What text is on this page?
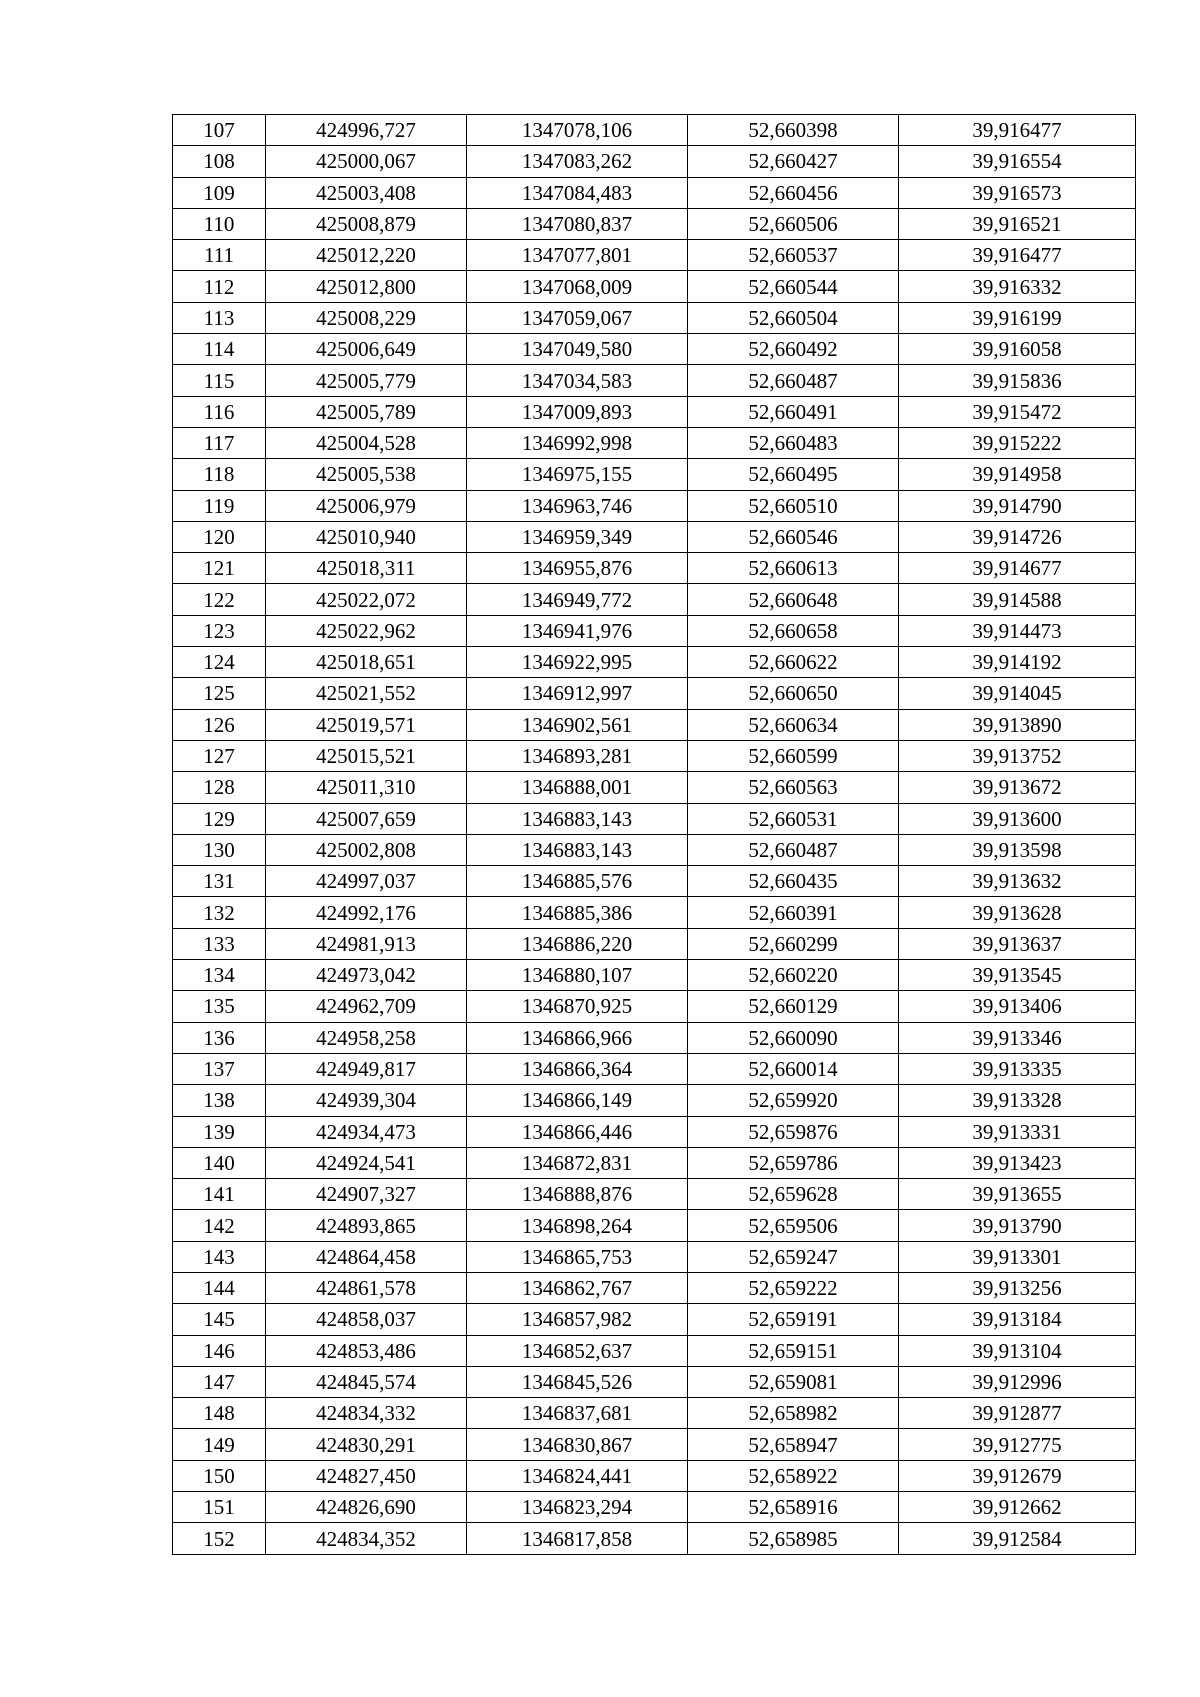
107	424996,727	1347078,106	52,660398	39,916477
108	425000,067	1347083,262	52,660427	39,916554
109	425003,408	1347084,483	52,660456	39,916573
110	425008,879	1347080,837	52,660506	39,916521
111	425012,220	1347077,801	52,660537	39,916477
112	425012,800	1347068,009	52,660544	39,916332
113	425008,229	1347059,067	52,660504	39,916199
114	425006,649	1347049,580	52,660492	39,916058
115	425005,779	1347034,583	52,660487	39,915836
116	425005,789	1347009,893	52,660491	39,915472
117	425004,528	1346992,998	52,660483	39,915222
118	425005,538	1346975,155	52,660495	39,914958
119	425006,979	1346963,746	52,660510	39,914790
120	425010,940	1346959,349	52,660546	39,914726
121	425018,311	1346955,876	52,660613	39,914677
122	425022,072	1346949,772	52,660648	39,914588
123	425022,962	1346941,976	52,660658	39,914473
124	425018,651	1346922,995	52,660622	39,914192
125	425021,552	1346912,997	52,660650	39,914045
126	425019,571	1346902,561	52,660634	39,913890
127	425015,521	1346893,281	52,660599	39,913752
128	425011,310	1346888,001	52,660563	39,913672
129	425007,659	1346883,143	52,660531	39,913600
130	425002,808	1346883,143	52,660487	39,913598
131	424997,037	1346885,576	52,660435	39,913632
132	424992,176	1346885,386	52,660391	39,913628
133	424981,913	1346886,220	52,660299	39,913637
134	424973,042	1346880,107	52,660220	39,913545
135	424962,709	1346870,925	52,660129	39,913406
136	424958,258	1346866,966	52,660090	39,913346
137	424949,817	1346866,364	52,660014	39,913335
138	424939,304	1346866,149	52,659920	39,913328
139	424934,473	1346866,446	52,659876	39,913331
140	424924,541	1346872,831	52,659786	39,913423
141	424907,327	1346888,876	52,659628	39,913655
142	424893,865	1346898,264	52,659506	39,913790
143	424864,458	1346865,753	52,659247	39,913301
144	424861,578	1346862,767	52,659222	39,913256
145	424858,037	1346857,982	52,659191	39,913184
146	424853,486	1346852,637	52,659151	39,913104
147	424845,574	1346845,526	52,659081	39,912996
148	424834,332	1346837,681	52,658982	39,912877
149	424830,291	1346830,867	52,658947	39,912775
150	424827,450	1346824,441	52,658922	39,912679
151	424826,690	1346823,294	52,658916	39,912662
152	424834,352	1346817,858	52,658985	39,912584
